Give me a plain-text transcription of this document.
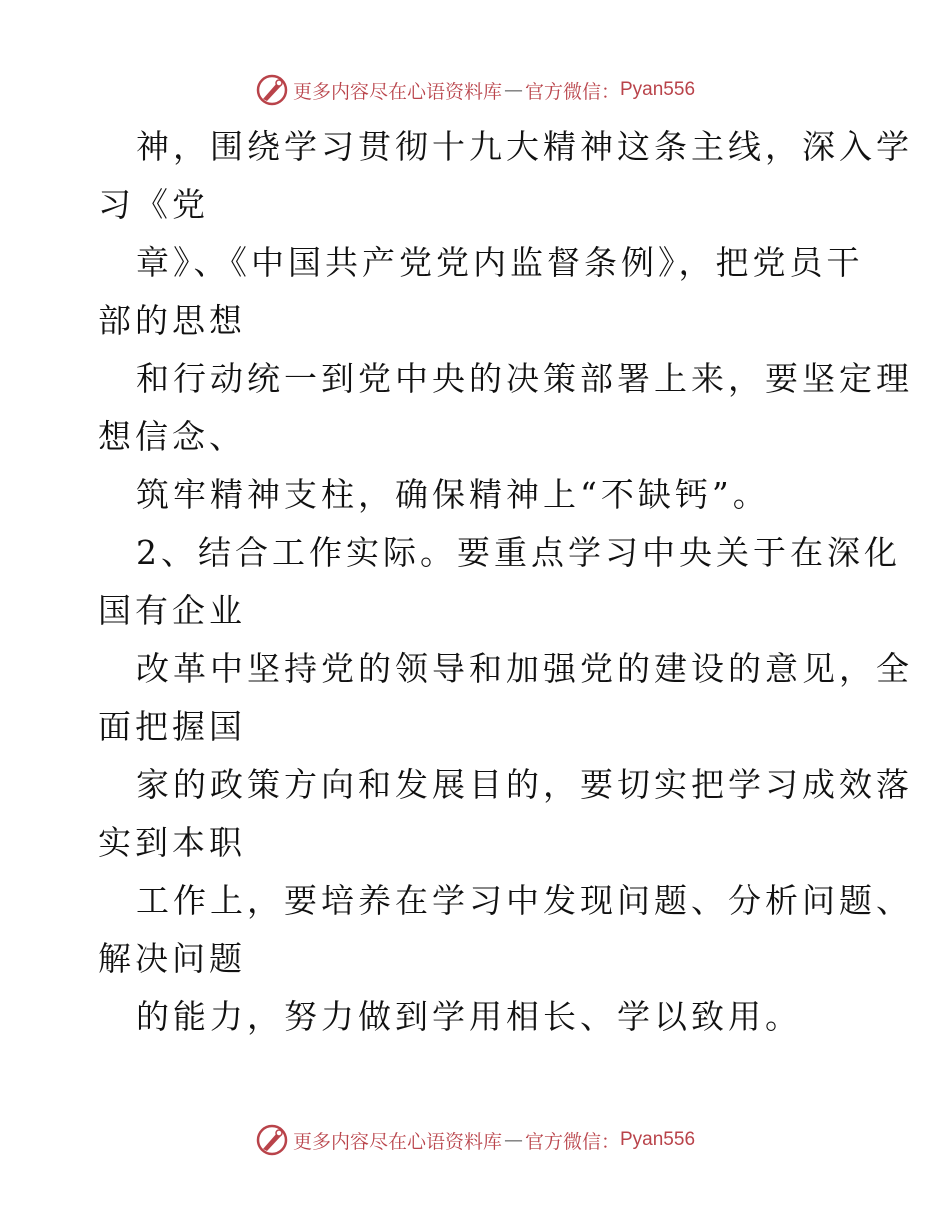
更多内容尽在心语资料库 — 官方微信： Pyan556
神，围绕学习贯彻十九大精神这条主线，深入学
习《党
章》、《中国共产党党内监督条例》，把党员干
部的思想
和行动统一到党中央的决策部署上来，要坚定理
想信念、
筑牢精神支柱，确保精神上“不缺钙”。
2、结合工作实际。要重点学习中央关于在深化
国有企业
改革中坚持党的领导和加强党的建设的意见，全
面把握国
家的政策方向和发展目的，要切实把学习成效落
实到本职
工作上，要培养在学习中发现问题、分析问题、
解决问题
的能力，努力做到学用相长、学以致用。
更多内容尽在心语资料库 — 官方微信： Pyan556
